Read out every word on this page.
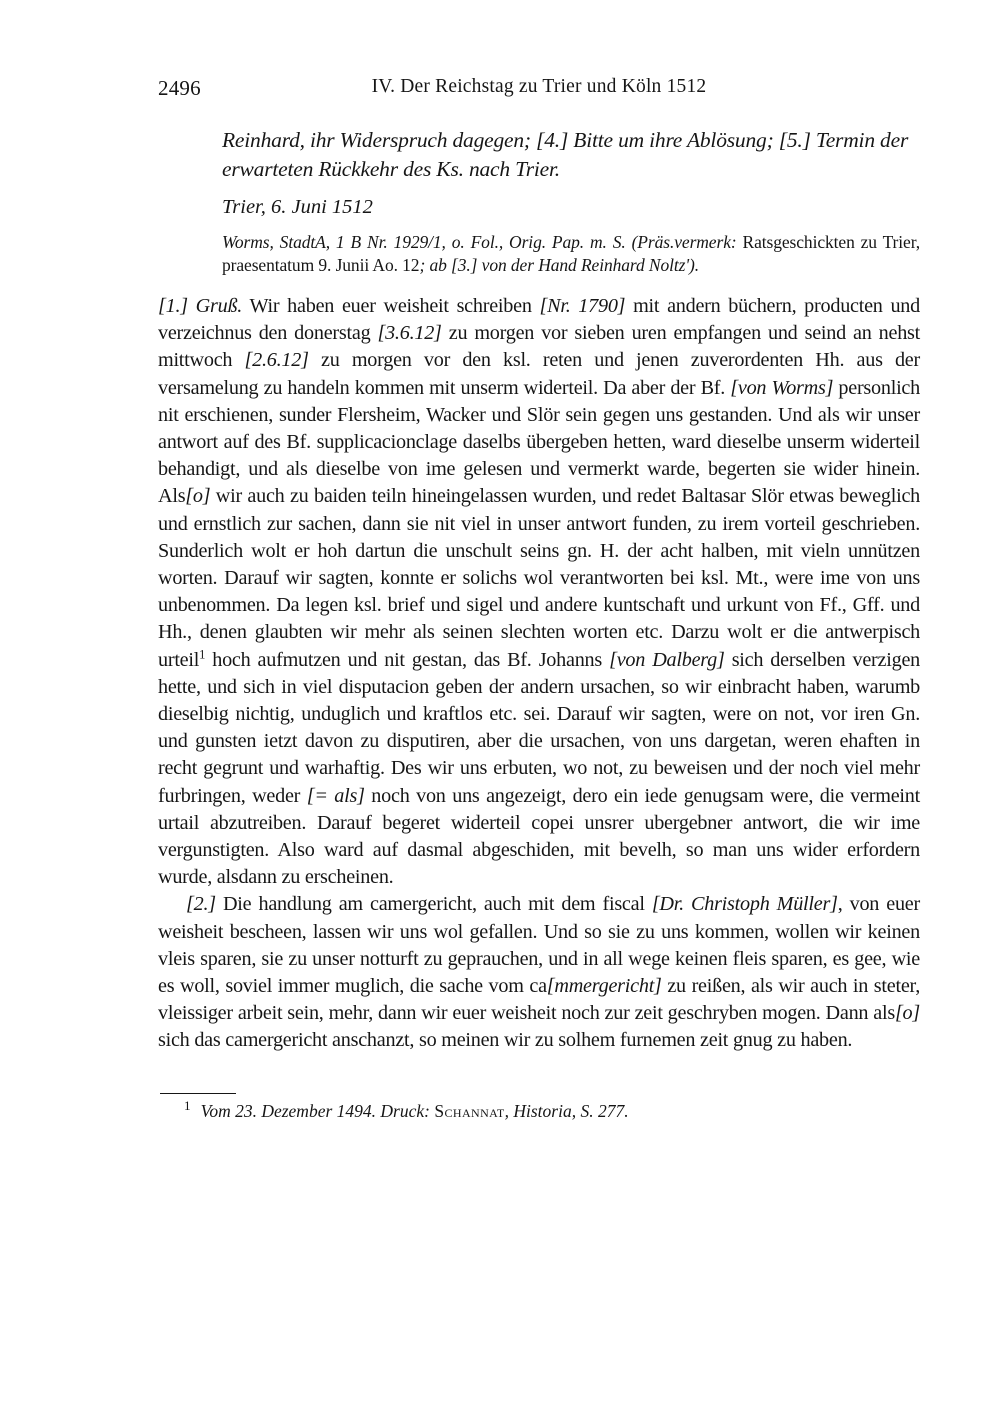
2496	IV. Der Reichstag zu Trier und Köln 1512

Reinhard, ihr Widerspruch dagegen; [4.] Bitte um ihre Ablösung; [5.] Termin der erwarteten Rückkehr des Ks. nach Trier.

Trier, 6. Juni 1512

Worms, StadtA, 1 B Nr. 1929/1, o. Fol., Orig. Pap. m. S. (Präs.vermerk: Ratsgeschickten zu Trier, praesentatum 9. Junii Ao. 12; ab [3.] von der Hand Reinhard Noltz').

[1.] Gruß. Wir haben euer weisheit schreiben [Nr. 1790] mit andern büchern, producten und verzeichnus den donerstag [3.6.12] zu morgen vor sieben uren empfangen und seind an nehst mittwoch [2.6.12] zu morgen vor den ksl. reten und jenen zuverordenten Hh. aus der versamelung zu handeln kommen mit unserm widerteil. Da aber der Bf. [von Worms] personlich nit erschienen, sunder Flersheim, Wacker und Slör sein gegen uns gestanden. Und als wir unser antwort auf des Bf. supplicacionclage daselbs übergeben hetten, ward dieselbe unserm widerteil behandigt, und als dieselbe von ime gelesen und vermerkt warde, begerten sie wider hinein. Als[o] wir auch zu baiden teiln hineingelassen wurden, und redet Baltasar Slör etwas beweglich und ernstlich zur sachen, dann sie nit viel in unser antwort funden, zu irem vorteil geschrieben. Sunderlich wolt er hoh dartun die unschult seins gn. H. der acht halben, mit vieln unnützen worten. Darauf wir sagten, konnte er solichs wol verantworten bei ksl. Mt., were ime von uns unbenommen. Da legen ksl. brief und sigel und andere kuntschaft und urkunt von Ff., Gff. und Hh., denen glaubten wir mehr als seinen slechten worten etc. Darzu wolt er die antwerpisch urteil$^1$ hoch aufmutzen und nit gestan, das Bf. Johanns [von Dalberg] sich derselben verzigen hette, und sich in viel disputacion geben der andern ursachen, so wir einbracht haben, warumb dieselbig nichtig, unduglich und kraftlos etc. sei. Darauf wir sagten, were on not, vor iren Gn. und gunsten ietzt davon zu disputiren, aber die ursachen, von uns dargetan, weren ehaften in recht gegrunt und warhaftig. Des wir uns erbuten, wo not, zu beweisen und der noch viel mehr furbringen, weder [= als] noch von uns angezeigt, dero ein iede genugsam were, die vermeint urtail abzutreiben. Darauf begeret widerteil copei unsrer ubergebner antwort, die wir ime vergunstigten. Also ward auf dasmal abgeschiden, mit bevelh, so man uns wider erfordern wurde, alsdann zu erscheinen.

[2.] Die handlung am camergericht, auch mit dem fiscal [Dr. Christoph Müller], von euer weisheit bescheen, lassen wir uns wol gefallen. Und so sie zu uns kommen, wollen wir keinen vleis sparen, sie zu unser notturft zu geprauchen, und in all wege keinen fleis sparen, es gee, wie es woll, soviel immer muglich, die sache vom ca[mmergericht] zu reißen, als wir auch in steter, vleissiger arbeit sein, mehr, dann wir euer weisheit noch zur zeit geschryben mogen. Dann als[o] sich das camergericht anschanzt, so meinen wir zu solhem furnemen zeit gnug zu haben.

$^1$ Vom 23. Dezember 1494. Druck: Schannat, Historia, S. 277.
